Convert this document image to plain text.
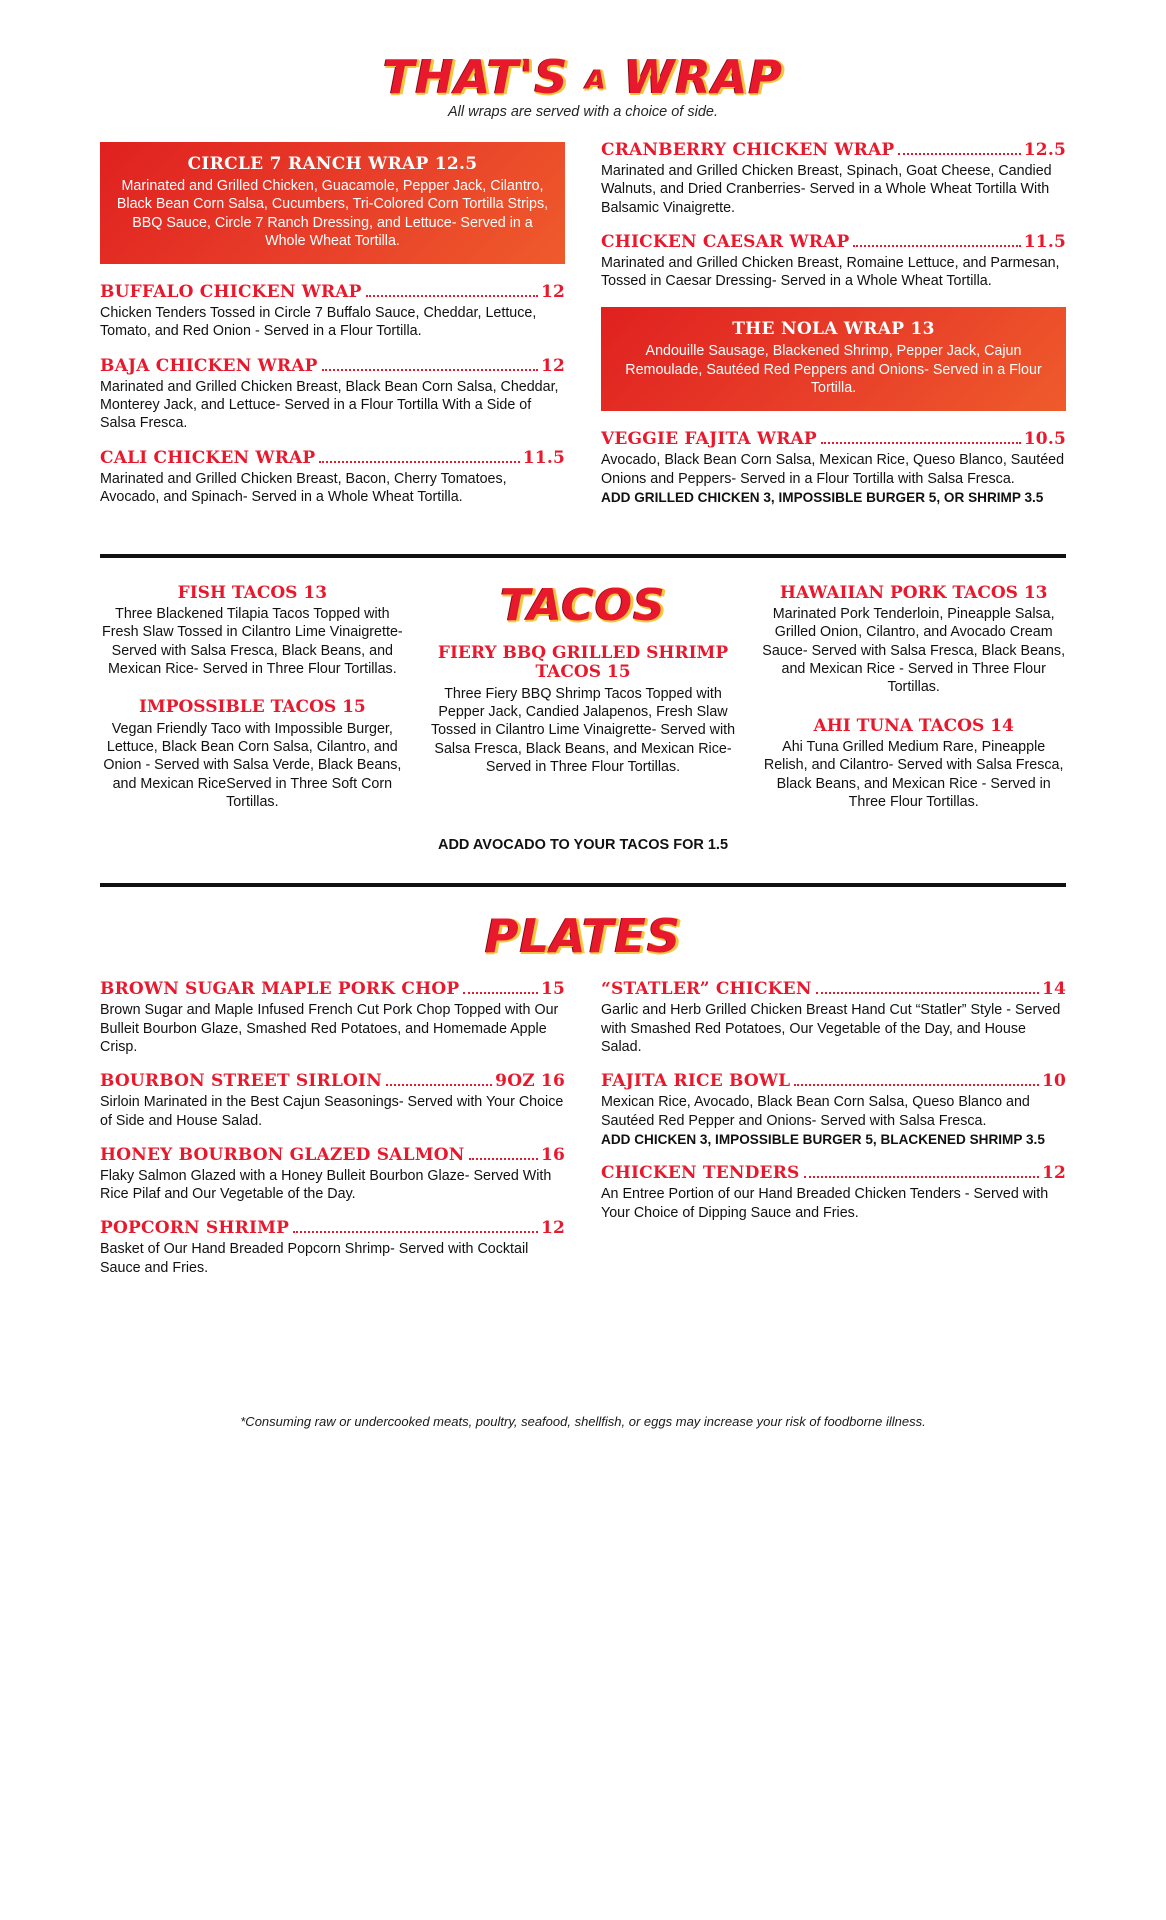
THAT'S A WRAP
All wraps are served with a choice of side.
CIRCLE 7 RANCH WRAP 12.5
Marinated and Grilled Chicken, Guacamole, Pepper Jack, Cilantro, Black Bean Corn Salsa, Cucumbers, Tri-Colored Corn Tortilla Strips, BBQ Sauce, Circle 7 Ranch Dressing, and Lettuce- Served in a Whole Wheat Tortilla.
BUFFALO CHICKEN WRAP	12
Chicken Tenders Tossed in Circle 7 Buffalo Sauce, Cheddar, Lettuce, Tomato, and Red Onion - Served in a Flour Tortilla.
BAJA CHICKEN WRAP	12
Marinated and Grilled Chicken Breast, Black Bean Corn Salsa, Cheddar, Monterey Jack, and Lettuce- Served in a Flour Tortilla With a Side of Salsa Fresca.
CALI CHICKEN WRAP	11.5
Marinated and Grilled Chicken Breast, Bacon, Cherry Tomatoes, Avocado, and Spinach- Served in a Whole Wheat Tortilla.
CRANBERRY CHICKEN WRAP	12.5
Marinated and Grilled Chicken Breast, Spinach, Goat Cheese, Candied Walnuts, and Dried Cranberries- Served in a Whole Wheat Tortilla With Balsamic Vinaigrette.
CHICKEN CAESAR WRAP	11.5
Marinated and Grilled Chicken Breast, Romaine Lettuce, and Parmesan, Tossed in Caesar Dressing- Served in a Whole Wheat Tortilla.
THE NOLA WRAP 13
Andouille Sausage, Blackened Shrimp, Pepper Jack, Cajun Remoulade, Sautéed Red Peppers and Onions- Served in a Flour Tortilla.
VEGGIE FAJITA WRAP	10.5
Avocado, Black Bean Corn Salsa, Mexican Rice, Queso Blanco, Sautéed Onions and Peppers- Served in a Flour Tortilla with Salsa Fresca.
ADD GRILLED CHICKEN 3, IMPOSSIBLE BURGER 5, OR SHRIMP 3.5
FISH TACOS 13
Three Blackened Tilapia Tacos Topped with Fresh Slaw Tossed in Cilantro Lime Vinaigrette- Served with Salsa Fresca, Black Beans, and Mexican Rice- Served in Three Flour Tortillas.
IMPOSSIBLE TACOS 15
Vegan Friendly Taco with Impossible Burger, Lettuce, Black Bean Corn Salsa, Cilantro, and Onion - Served with Salsa Verde, Black Beans, and Mexican RiceServed in Three Soft Corn Tortillas.
TACOS
FIERY BBQ GRILLED SHRIMP TACOS 15
Three Fiery BBQ Shrimp Tacos Topped with Pepper Jack, Candied Jalapenos, Fresh Slaw Tossed in Cilantro Lime Vinaigrette- Served with Salsa Fresca, Black Beans, and Mexican Rice- Served in Three Flour Tortillas.
HAWAIIAN PORK TACOS 13
Marinated Pork Tenderloin, Pineapple Salsa, Grilled Onion, Cilantro, and Avocado Cream Sauce- Served with Salsa Fresca, Black Beans, and Mexican Rice - Served in Three Flour Tortillas.
AHI TUNA TACOS 14
Ahi Tuna Grilled Medium Rare, Pineapple Relish, and Cilantro- Served with Salsa Fresca, Black Beans, and Mexican Rice - Served in Three Flour Tortillas.
ADD AVOCADO TO YOUR TACOS FOR 1.5
PLATES
BROWN SUGAR MAPLE PORK CHOP	15
Brown Sugar and Maple Infused French Cut Pork Chop Topped with Our Bulleit Bourbon Glaze, Smashed Red Potatoes, and Homemade Apple Crisp.
BOURBON STREET SIRLOIN	9OZ 16
Sirloin Marinated in the Best Cajun Seasonings- Served with Your Choice of Side and House Salad.
HONEY BOURBON GLAZED SALMON	16
Flaky Salmon Glazed with a Honey Bulleit Bourbon Glaze- Served With Rice Pilaf and Our Vegetable of the Day.
POPCORN SHRIMP	12
Basket of Our Hand Breaded Popcorn Shrimp- Served with Cocktail Sauce and Fries.
“STATLER” CHICKEN	14
Garlic and Herb Grilled Chicken Breast Hand Cut “Statler” Style - Served with Smashed Red Potatoes, Our Vegetable of the Day, and House Salad.
FAJITA RICE BOWL	10
Mexican Rice, Avocado, Black Bean Corn Salsa, Queso Blanco and Sautéed Red Pepper and Onions- Served with Salsa Fresca.
ADD CHICKEN 3, IMPOSSIBLE BURGER 5, BLACKENED SHRIMP 3.5
CHICKEN TENDERS	12
An Entree Portion of our Hand Breaded Chicken Tenders - Served with Your Choice of Dipping Sauce and Fries.
*Consuming raw or undercooked meats, poultry, seafood, shellfish, or eggs may increase your risk of foodborne illness.
